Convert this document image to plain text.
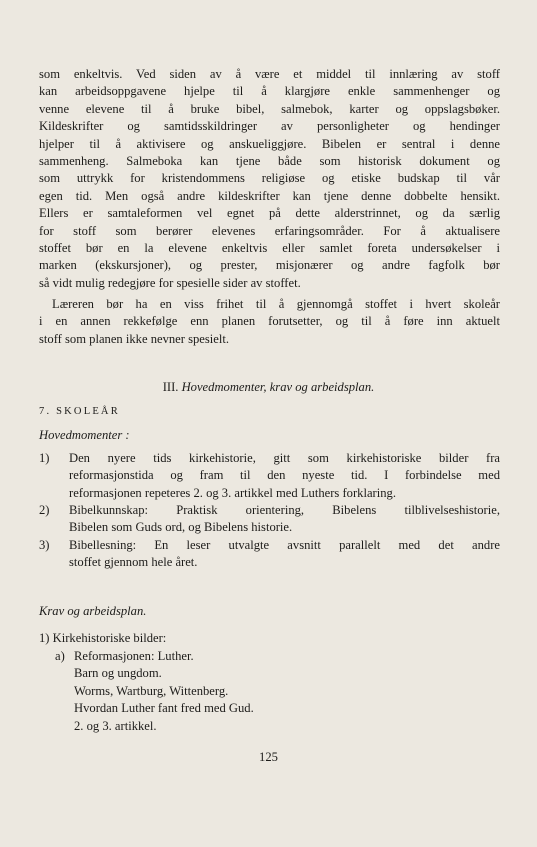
som enkeltvis. Ved siden av å være et middel til innlæring av stoff
kan arbeidsoppgavene hjelpe til å klargjøre enkle sammenhenger og
venne elevene til å bruke bibel, salmebok, karter og oppslagsbøker.
Kildeskrifter og samtidsskildringer av personligheter og hendinger
hjelper til å aktivisere og anskueliggjøre. Bibelen er sentral i denne
sammenheng. Salmeboka kan tjene både som historisk dokument og
som uttrykk for kristendommens religiøse og etiske budskap til vår
egen tid. Men også andre kildeskrifter kan tjene denne dobbelte hensikt.
Ellers er samtaleformen vel egnet på dette alderstrinnet, og da særlig
for stoff som berører elevenes erfaringsområder. For å aktualisere
stoffet bør en la elevene enkeltvis eller samlet foreta undersøkelser i
marken (ekskursjoner), og prester, misjonærer og andre fagfolk bør
så vidt mulig redegjøre for spesielle sider av stoffet.
Læreren bør ha en viss frihet til å gjennomgå stoffet i hvert skoleår
i en annen rekkefølge enn planen forutsetter, og til å føre inn aktuelt
stoff som planen ikke nevner spesielt.
III. Hovedmomenter, krav og arbeidsplan.
7. SKOLEÅR
Hovedmomenter :
1) Den nyere tids kirkehistorie, gitt som kirkehistoriske bilder fra
reformasjonstida og fram til den nyeste tid. I forbindelse med
reformasjonen repeteres 2. og 3. artikkel med Luthers forklaring.
2) Bibelkunnskap: Praktisk orientering, Bibelens tilblivelseshistorie,
Bibelen som Guds ord, og Bibelens historie.
3) Bibellesning: En leser utvalgte avsnitt parallelt med det andre
stoffet gjennom hele året.
Krav og arbeidsplan.
1) Kirkehistoriske bilder:
a) Reformasjonen: Luther.
Barn og ungdom.
Worms, Wartburg, Wittenberg.
Hvordan Luther fant fred med Gud.
2. og 3. artikkel.
125
